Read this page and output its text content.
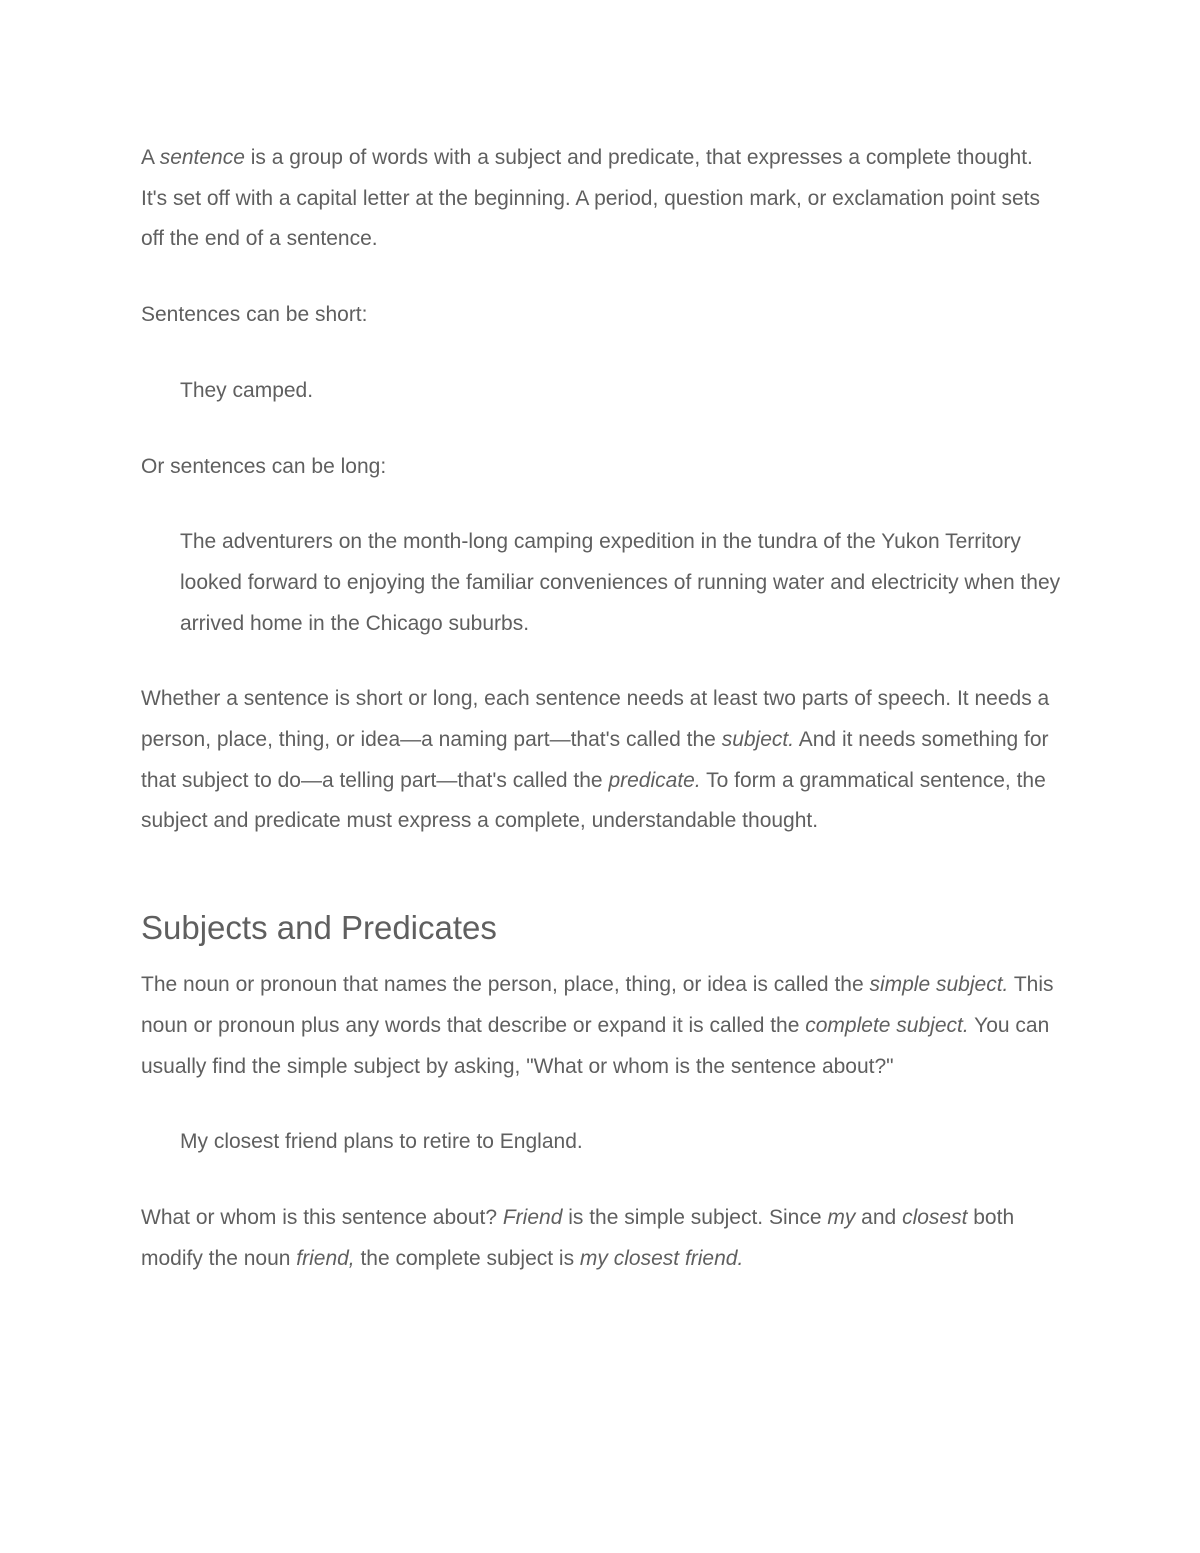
A sentence is a group of words with a subject and predicate, that expresses a complete thought. It's set off with a capital letter at the beginning. A period, question mark, or exclamation point sets off the end of a sentence.

Sentences can be short:

They camped.

Or sentences can be long:

The adventurers on the month-long camping expedition in the tundra of the Yukon Territory looked forward to enjoying the familiar conveniences of running water and electricity when they arrived home in the Chicago suburbs.

Whether a sentence is short or long, each sentence needs at least two parts of speech. It needs a person, place, thing, or idea—a naming part—that's called the subject. And it needs something for that subject to do—a telling part—that's called the predicate. To form a grammatical sentence, the subject and predicate must express a complete, understandable thought.

Subjects and Predicates

The noun or pronoun that names the person, place, thing, or idea is called the simple subject. This noun or pronoun plus any words that describe or expand it is called the complete subject. You can usually find the simple subject by asking, "What or whom is the sentence about?"

My closest friend plans to retire to England.

What or whom is this sentence about? Friend is the simple subject. Since my and closest both modify the noun friend, the complete subject is my closest friend.
